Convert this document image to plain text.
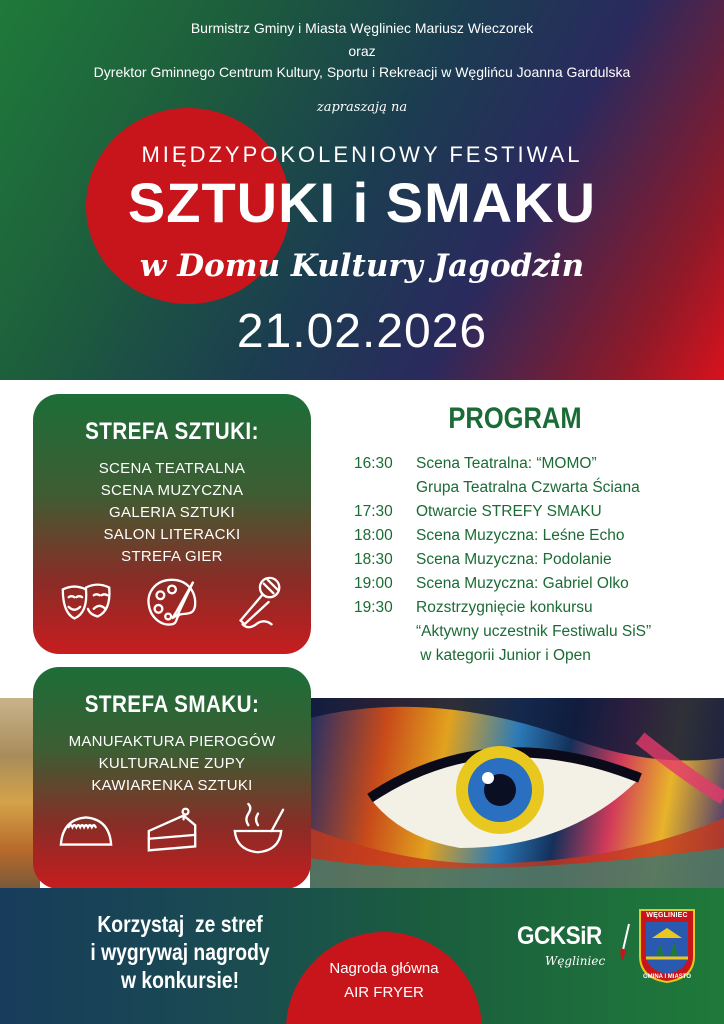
Burmistrz Gminy i Miasta Węgliniec Mariusz Wieczorek
oraz
Dyrektor Gminnego Centrum Kultury, Sportu i Rekreacji w Węglińcu Joanna Gardulska
zapraszają na
MIĘDZYPOKOLENIOWY FESTIWAL
SZTUKI i SMAKU
w Domu Kultury Jagodzin
21.02.2026
STREFA SZTUKI:
SCENA TEATRALNA
SCENA MUZYCZNA
GALERIA SZTUKI
SALON LITERACKI
STREFA GIER
STREFA SMAKU:
MANUFAKTURA PIEROGÓW
KULTURALNE ZUPY
KAWIARENKA SZTUKI
PROGRAM
16:30	Scena Teatralna: “MOMO”
Grupa Teatralna Czwarta Ściana
17:30	Otwarcie STREFY SMAKU
18:00	Scena Muzyczna: Leśne Echo
18:30	Scena Muzyczna: Podolanie
19:00	Scena Muzyczna: Gabriel Olko
19:30	Rozstrzygnięcie konkursu
“Aktywny uczestnik Festiwalu SiS”
w kategorii Junior i Open
Korzystaj  ze stref
i wygrywaj nagrody
w konkursie!	Nagroda główna
AIR FRYER
GCKSiR
Węgliniec
WĘGLINIEC
GMINA I MIASTO
